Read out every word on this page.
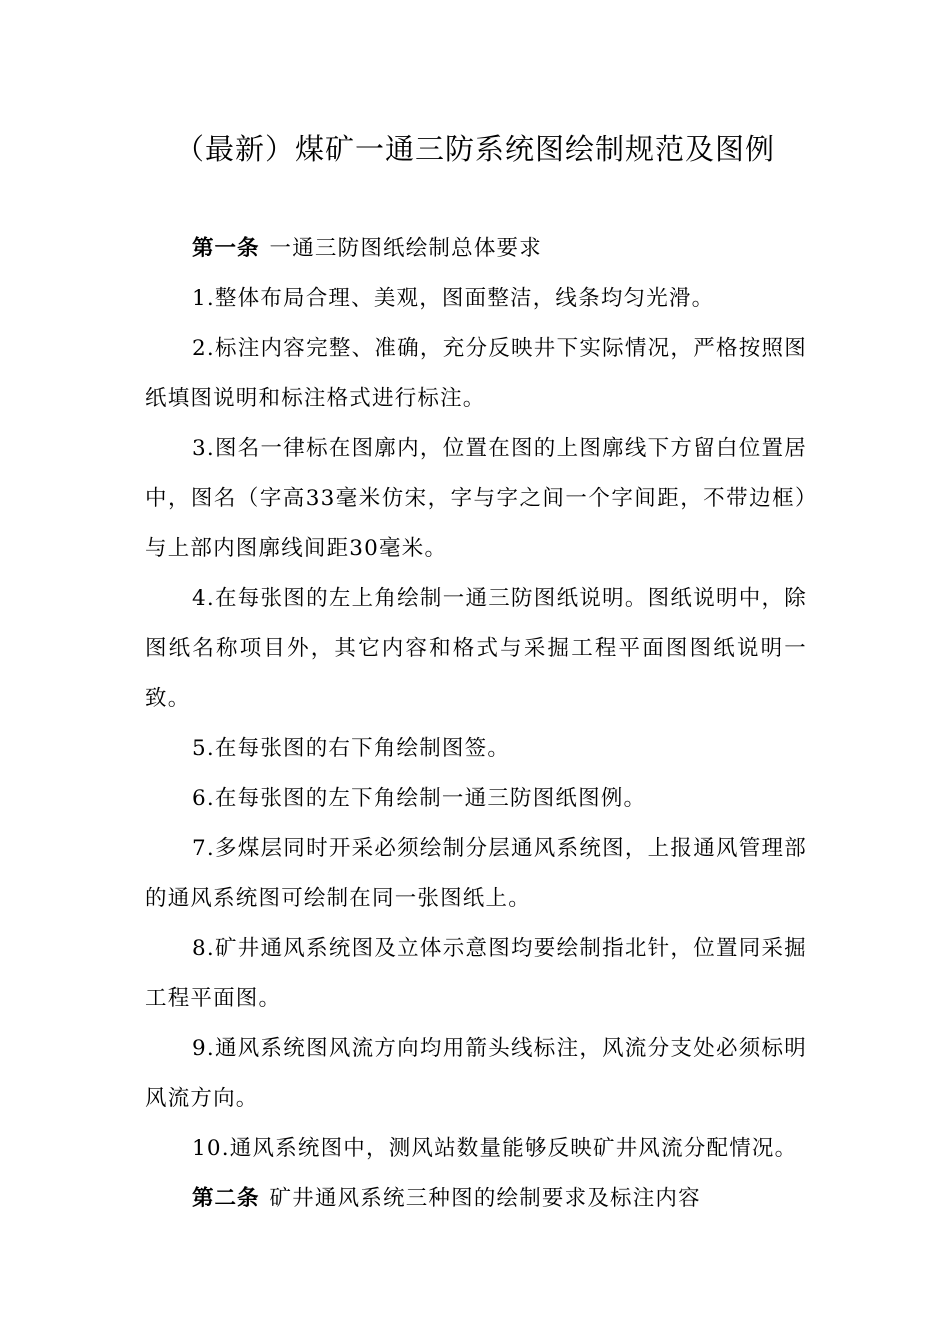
（最新）煤矿一通三防系统图绘制规范及图例

第一条 一通三防图纸绘制总体要求

1.整体布局合理、美观，图面整洁，线条均匀光滑。

2.标注内容完整、准确，充分反映井下实际情况，严格按照图纸填图说明和标注格式进行标注。

3.图名一律标在图廓内，位置在图的上图廓线下方留白位置居中，图名（字高33毫米仿宋，字与字之间一个字间距，不带边框）与上部内图廓线间距30毫米。

4.在每张图的左上角绘制一通三防图纸说明。图纸说明中，除图纸名称项目外，其它内容和格式与采掘工程平面图图纸说明一致。

5.在每张图的右下角绘制图签。

6.在每张图的左下角绘制一通三防图纸图例。

7.多煤层同时开采必须绘制分层通风系统图，上报通风管理部的通风系统图可绘制在同一张图纸上。

8.矿井通风系统图及立体示意图均要绘制指北针，位置同采掘工程平面图。

9.通风系统图风流方向均用箭头线标注，风流分支处必须标明风流方向。

10.通风系统图中，测风站数量能够反映矿井风流分配情况。

第二条 矿井通风系统三种图的绘制要求及标注内容
